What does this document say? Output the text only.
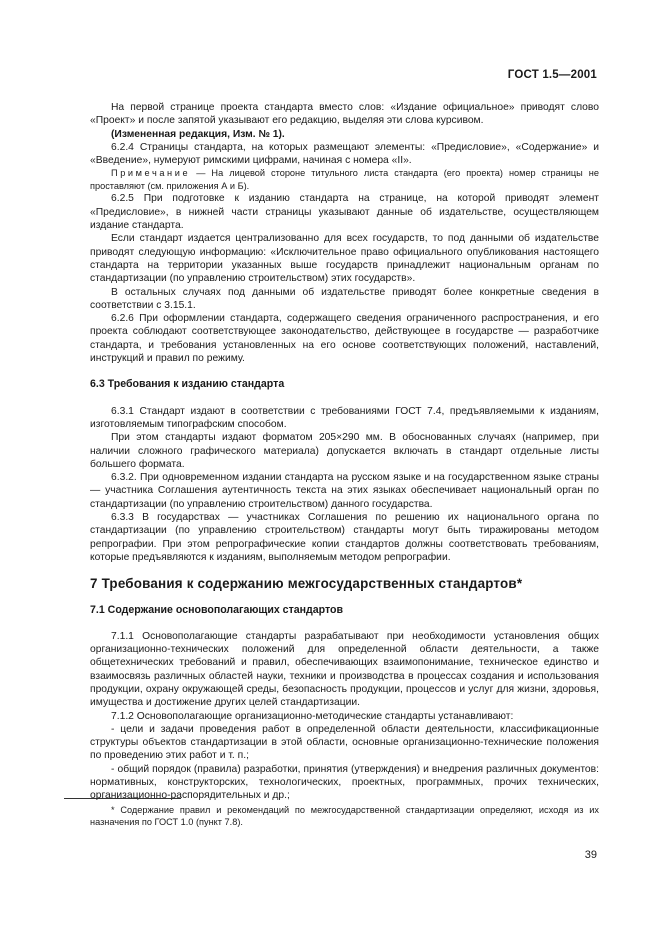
ГОСТ 1.5—2001

На первой странице проекта стандарта вместо слов: «Издание официальное» приводят слово «Проект» и после запятой указывают его редакцию, выделяя эти слова курсивом.

(Измененная редакция, Изм. № 1).

6.2.4 Страницы стандарта, на которых размещают элементы: «Предисловие», «Содержание» и «Введение», нумеруют римскими цифрами, начиная с номера «II».

Примечание — На лицевой стороне титульного листа стандарта (его проекта) номер страницы не проставляют (см. приложения А и Б).

6.2.5 При подготовке к изданию стандарта на странице, на которой приводят элемент «Предисловие», в нижней части страницы указывают данные об издательстве, осуществляющем издание стандарта.

Если стандарт издается централизованно для всех государств, то под данными об издательстве приводят следующую информацию: «Исключительное право официального опубликования настоящего стандарта на территории указанных выше государств принадлежит национальным органам по стандартизации (по управлению строительством) этих государств».

В остальных случаях под данными об издательстве приводят более конкретные сведения в соответствии с 3.15.1.

6.2.6 При оформлении стандарта, содержащего сведения ограниченного распространения, и его проекта соблюдают соответствующее законодательство, действующее в государстве — разработчике стандарта, и требования установленных на его основе соответствующих положений, наставлений, инструкций и правил по режиму.

6.3 Требования к изданию стандарта

6.3.1 Стандарт издают в соответствии с требованиями ГОСТ 7.4, предъявляемыми к изданиям, изготовляемым типографским способом.

При этом стандарты издают форматом 205×290 мм. В обоснованных случаях (например, при наличии сложного графического материала) допускается включать в стандарт отдельные листы большего формата.

6.3.2. При одновременном издании стандарта на русском языке и на государственном языке страны — участника Соглашения аутентичность текста на этих языках обеспечивает национальный орган по стандартизации (по управлению строительством) данного государства.

6.3.3 В государствах — участниках Соглашения по решению их национального органа по стандартизации (по управлению строительством) стандарты могут быть тиражированы методом репрографии. При этом репрографические копии стандартов должны соответствовать требованиям, которые предъявляются к изданиям, выполняемым методом репрографии.

7 Требования к содержанию межгосударственных стандартов*
7.1 Содержание основополагающих стандартов

7.1.1 Основополагающие стандарты разрабатывают при необходимости установления общих организационно-технических положений для определенной области деятельности, а также общетехнических требований и правил, обеспечивающих взаимопонимание, техническое единство и взаимосвязь различных областей науки, техники и производства в процессах создания и использования продукции, охрану окружающей среды, безопасность продукции, процессов и услуг для жизни, здоровья, имущества и достижение других целей стандартизации.

7.1.2 Основополагающие организационно-методические стандарты устанавливают:

- цели и задачи проведения работ в определенной области деятельности, классификационные структуры объектов стандартизации в этой области, основные организационно-технические положения по проведению этих работ и т. п.;

- общий порядок (правила) разработки, принятия (утверждения) и внедрения различных документов: нормативных, конструкторских, технологических, проектных, программных, прочих технических, организационно-распорядительных и др.;

* Содержание правил и рекомендаций по межгосударственной стандартизации определяют, исходя из их назначения по ГОСТ 1.0 (пункт 7.8).
39
